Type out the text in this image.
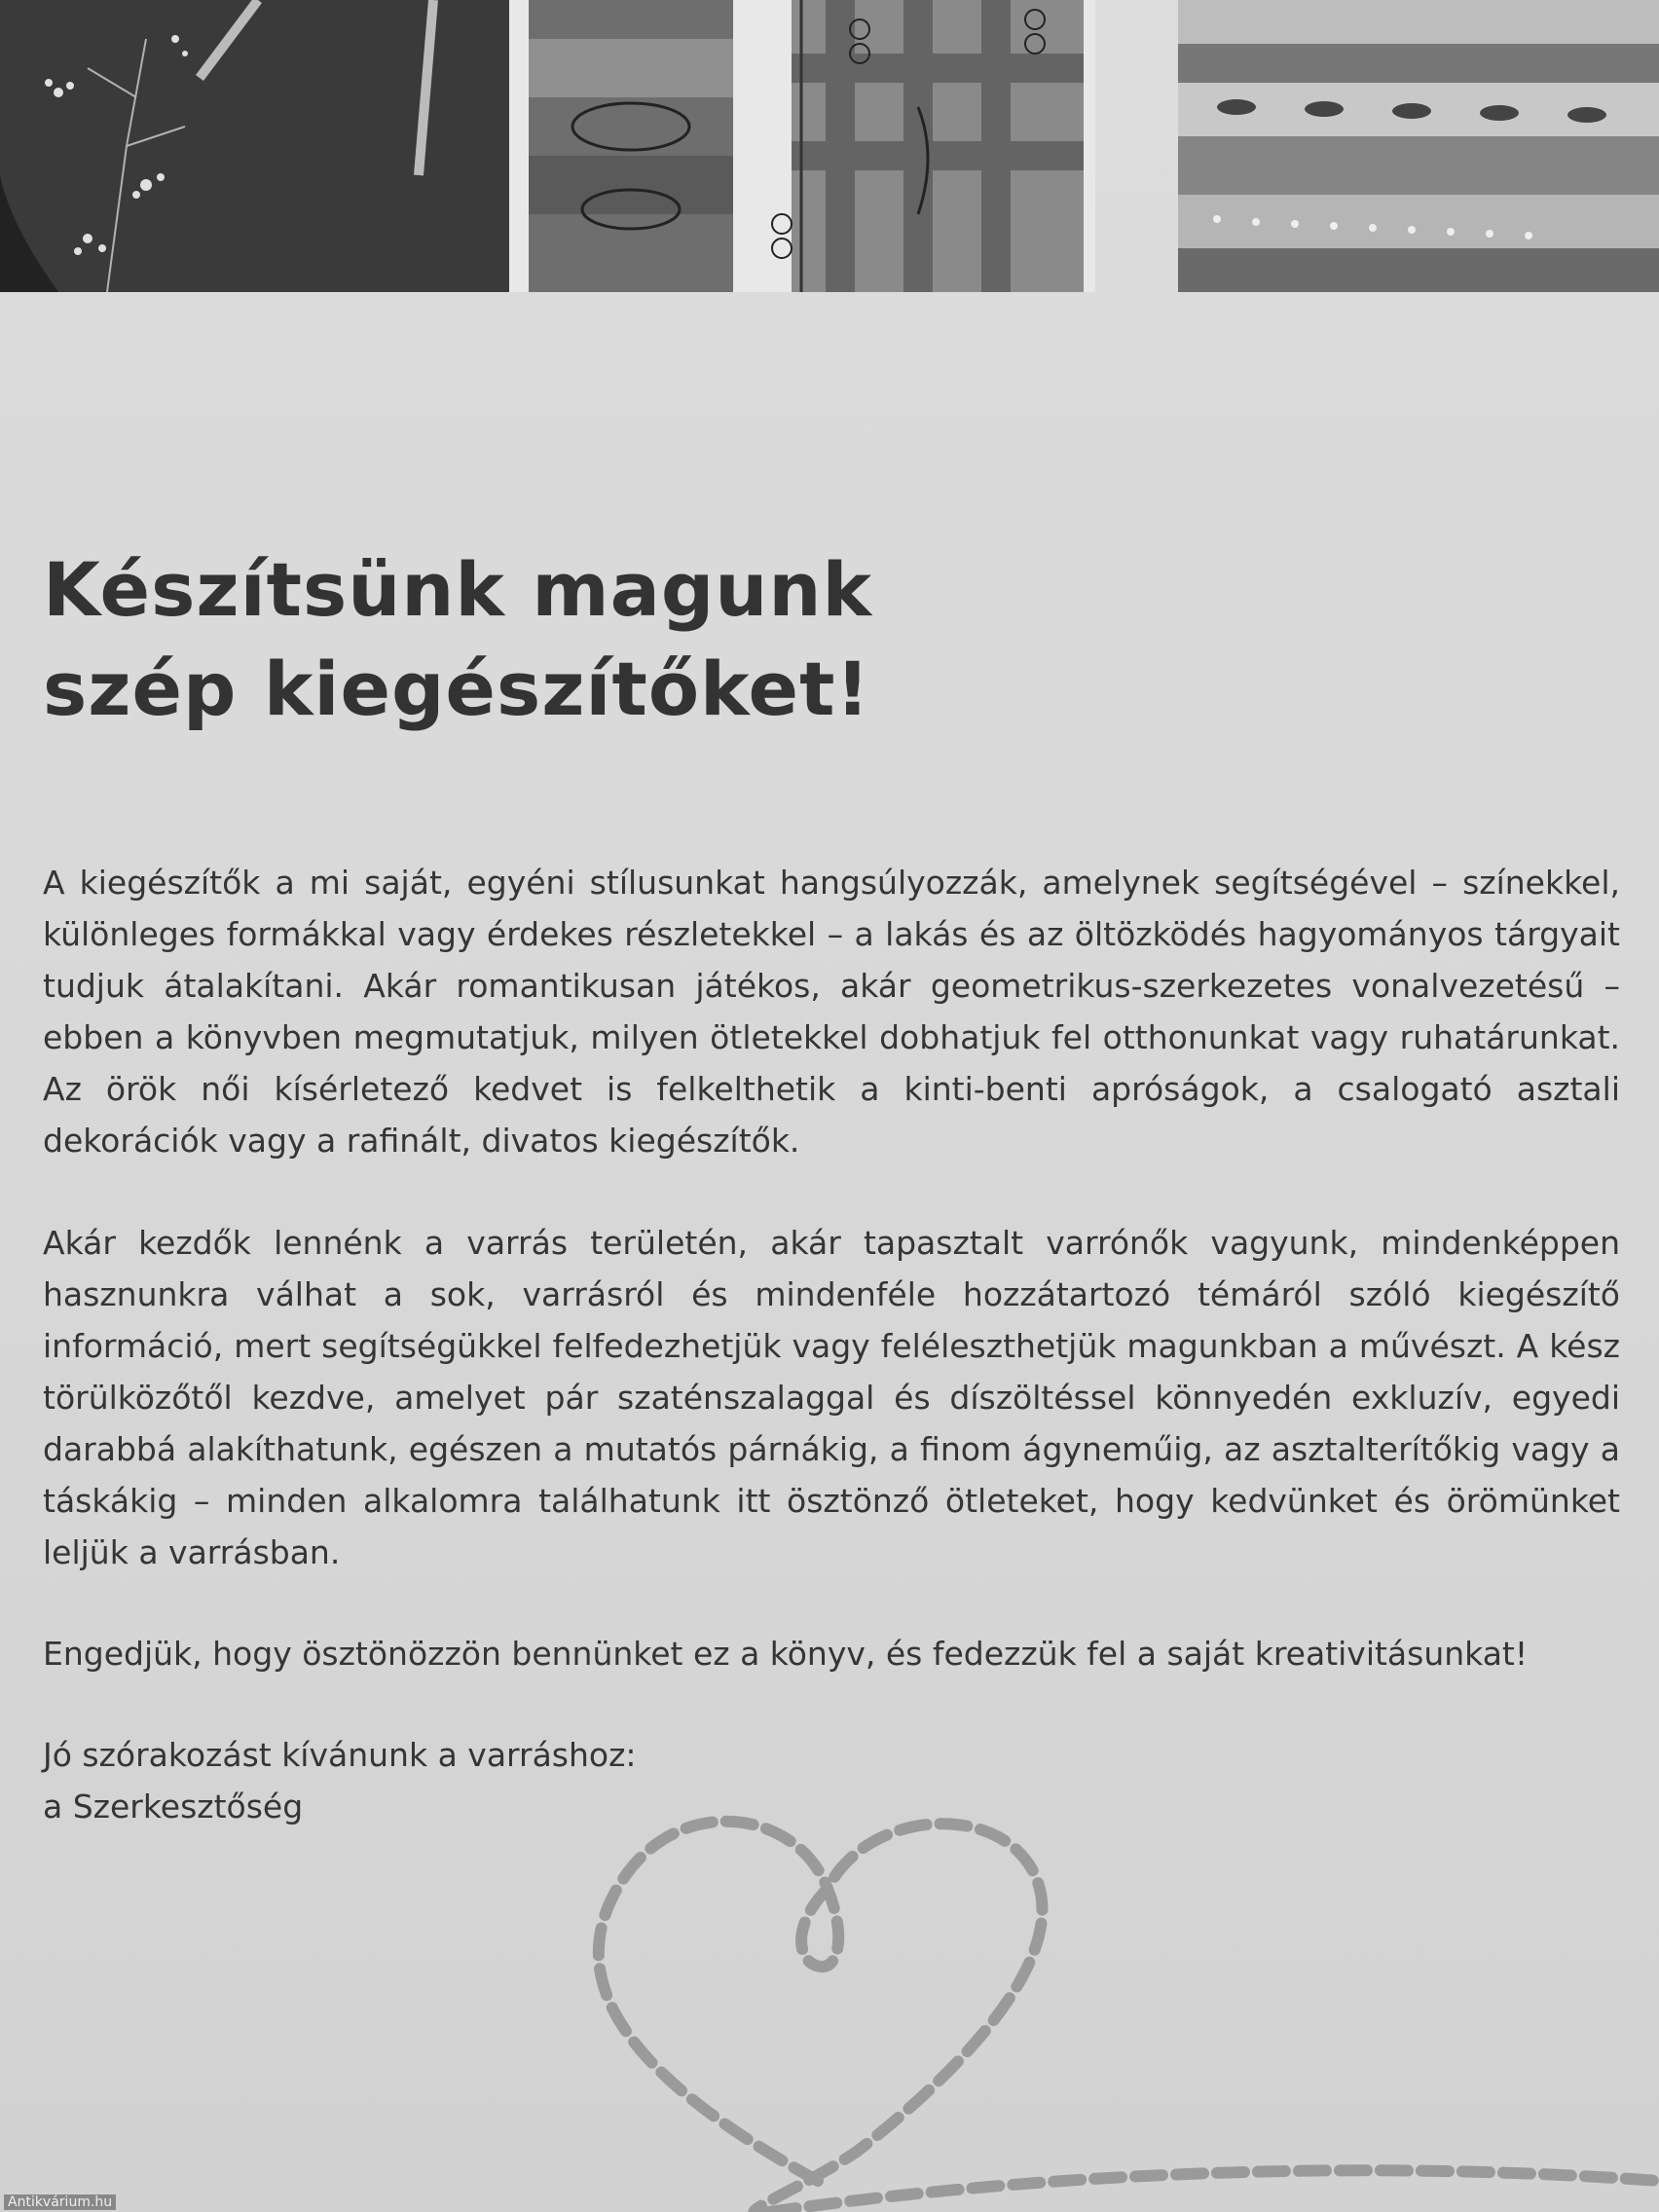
Készítsünk magunk
szép kiegészítőket!

A kiegészítők a mi saját, egyéni stílusunkat hangsúlyozzák, amelynek segítségével – színekkel, különleges formákkal vagy érdekes részletekkel – a lakás és az öltözködés hagyományos tárgyait tudjuk átalakítani. Akár romantikusan játékos, akár geometrikus-szerkezetes vonalvezetésű – ebben a könyvben megmutatjuk, milyen ötletekkel dobhatjuk fel otthonunkat vagy ruhatárunkat. Az örök női kísérletező kedvet is felkelthetik a kinti-benti apróságok, a csalogató asztali dekorációk vagy a rafinált, divatos kiegészítők.

Akár kezdők lennénk a varrás területén, akár tapasztalt varrónők vagyunk, mindenképpen hasznunkra válhat a sok, varrásról és mindenféle hozzátartozó témáról szóló kiegészítő információ, mert segítségükkel felfedezhetjük vagy feléleszthetjük magunkban a művészt. A kész törülközőtől kezdve, amelyet pár szaténszalaggal és díszöltéssel könnyedén exkluzív, egyedi darabbá alakíthatunk, egészen a mutatós párnákig, a finom ágyneműig, az asztalterítőkig vagy a táskákig – minden alkalomra találhatunk itt ösztönző ötleteket, hogy kedvünket és örömünket leljük a varrásban.

Engedjük, hogy ösztönözzön bennünket ez a könyv, és fedezzük fel a saját kreativitásunkat!

Jó szórakozást kívánunk a varráshoz:
a Szerkesztőség

Antikvárium.hu
